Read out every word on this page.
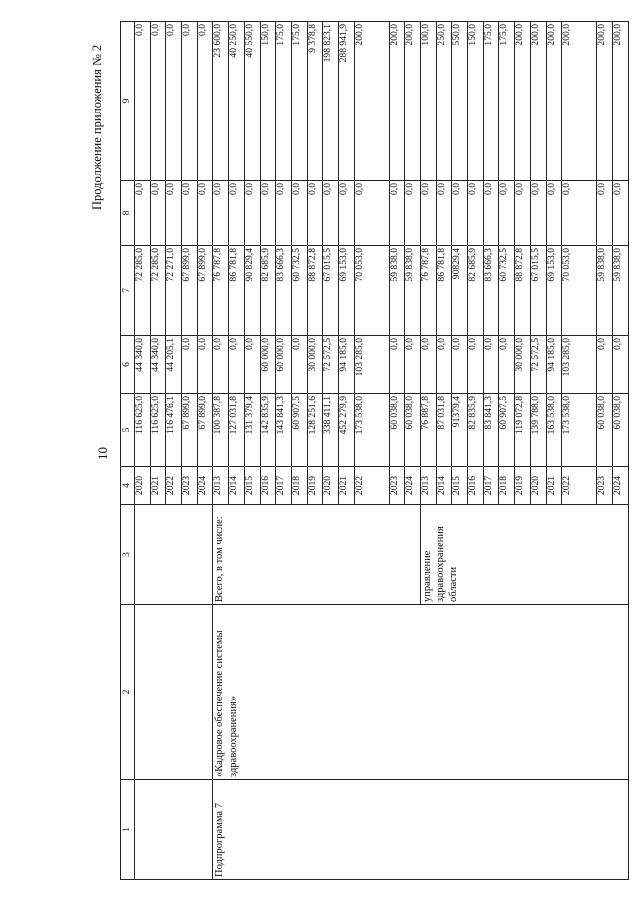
10
Продолжение приложения № 2
1	2	3	4	5	6	7	8	9
			2020	116 625,0	44 340,0	72 285,0	0,0	0,0
			2021	116 625,0	44 340,0	72 285,0	0,0	0,0
			2022	116 476,1	44 205,1	72 271,0	0,0	0,0
			2023	67 899,0	0,0	67 899,0	0,0	0,0
			2024	67 899,0	0,0	67 899,0	0,0	0,0
Подпрограмма 7	«Кадровое обеспечение системы здравоохранения»	Всего, в том числе:	2013	100 387,8	0,0	76 787,8	0,0	23 600,0
			2014	127 031,8	0,0	86 781,8	0,0	40 250,0
			2015	131 379,4	0,0	90 829,4	0,0	40 550,0
			2016	142 835,9	60 000,0	82 685,9	0,0	150,0
			2017	143 841,3	60 000,0	83 666,3	0,0	175,0
			2018	60 907,5	0,0	60 732,5	0,0	175,0
			2019	128 251,6	30 000,0	88 872,8	0,0	9 378,8
			2020	338 411,1	72 572,5	67 015,5	0,0	198 823,1
			2021	452 279,9	94 185,0	69 153,0	0,0	288 941,9
			2022	173 538,0	103 285,0	70 053,0	0,0	200,0
			2023	60 038,0	0,0	59 838,0	0,0	200,0
			2024	60 038,0	0,0	59 838,0	0,0	200,0
		управление здравоохранения области	2013	76 887,8	0,0	76 787,8	0,0	100,0
			2014	87 031,8	0,0	86 781,8	0,0	250,0
			2015	91379,4	0,0	90829,4	0,0	550,0
			2016	82 835,9	0,0	82 685,9	0,0	150,0
			2017	83 841,3	0,0	83 666,3	0,0	175,0
			2018	60 907,5	0,0	60 732,5	0,0	175,0
			2019	119 072,8	30 000,0	88 872,8	0,0	200,0
			2020	139 788,0	72 572,5	67 015,5	0,0	200,0
			2021	163 538,0	94 185,0	69 153,0	0,0	200,0
			2022	173 538,0	103 285,0	70 053,0	0,0	200,0
			2023	60 038,0	0,0	59 838,0	0,0	200,0
			2024	60 038,0	0,0	59 838,0	0,0	200,0
